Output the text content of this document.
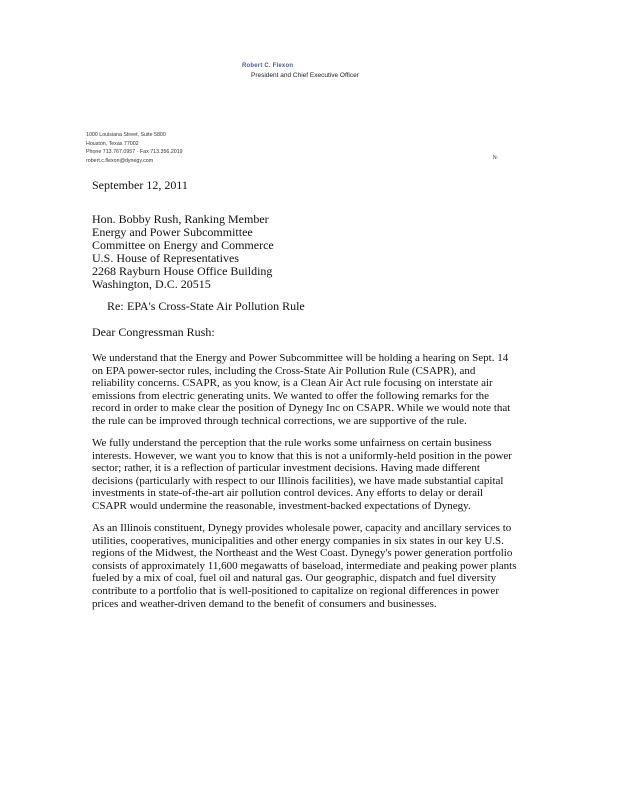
Robert C. Flexon
President and Chief Executive Officer
1000 Louisiana Street, Suite 5800
Houston, Texas 77002
Phone 713.767.0957 · Fax 713.356.2019
robert.c.flexon@dynegy.com	N·
September 12, 2011
Hon. Bobby Rush, Ranking Member
Energy and Power Subcommittee
Committee on Energy and Commerce
U.S. House of Representatives
2268 Rayburn House Office Building
Washington, D.C. 20515
Re: EPA's Cross-State Air Pollution Rule
Dear Congressman Rush:
We understand that the Energy and Power Subcommittee will be holding a hearing on Sept. 14
on EPA power-sector rules, including the Cross-State Air Pollution Rule (CSAPR), and
reliability concerns. CSAPR, as you know, is a Clean Air Act rule focusing on interstate air
emissions from electric generating units. We wanted to offer the following remarks for the
record in order to make clear the position of Dynegy Inc on CSAPR. While we would note that
the rule can be improved through technical corrections, we are supportive of the rule.
We fully understand the perception that the rule works some unfairness on certain business
interests. However, we want you to know that this is not a uniformly-held position in the power
sector; rather, it is a reflection of particular investment decisions. Having made different
decisions (particularly with respect to our Illinois facilities), we have made substantial capital
investments in state-of-the-art air pollution control devices. Any efforts to delay or derail
CSAPR would undermine the reasonable, investment-backed expectations of Dynegy.
As an Illinois constituent, Dynegy provides wholesale power, capacity and ancillary services to
utilities, cooperatives, municipalities and other energy companies in six states in our key U.S.
regions of the Midwest, the Northeast and the West Coast. Dynegy's power generation portfolio
consists of approximately 11,600 megawatts of baseload, intermediate and peaking power plants
fueled by a mix of coal, fuel oil and natural gas. Our geographic, dispatch and fuel diversity
contribute to a portfolio that is well-positioned to capitalize on regional differences in power
prices and weather-driven demand to the benefit of consumers and businesses.
